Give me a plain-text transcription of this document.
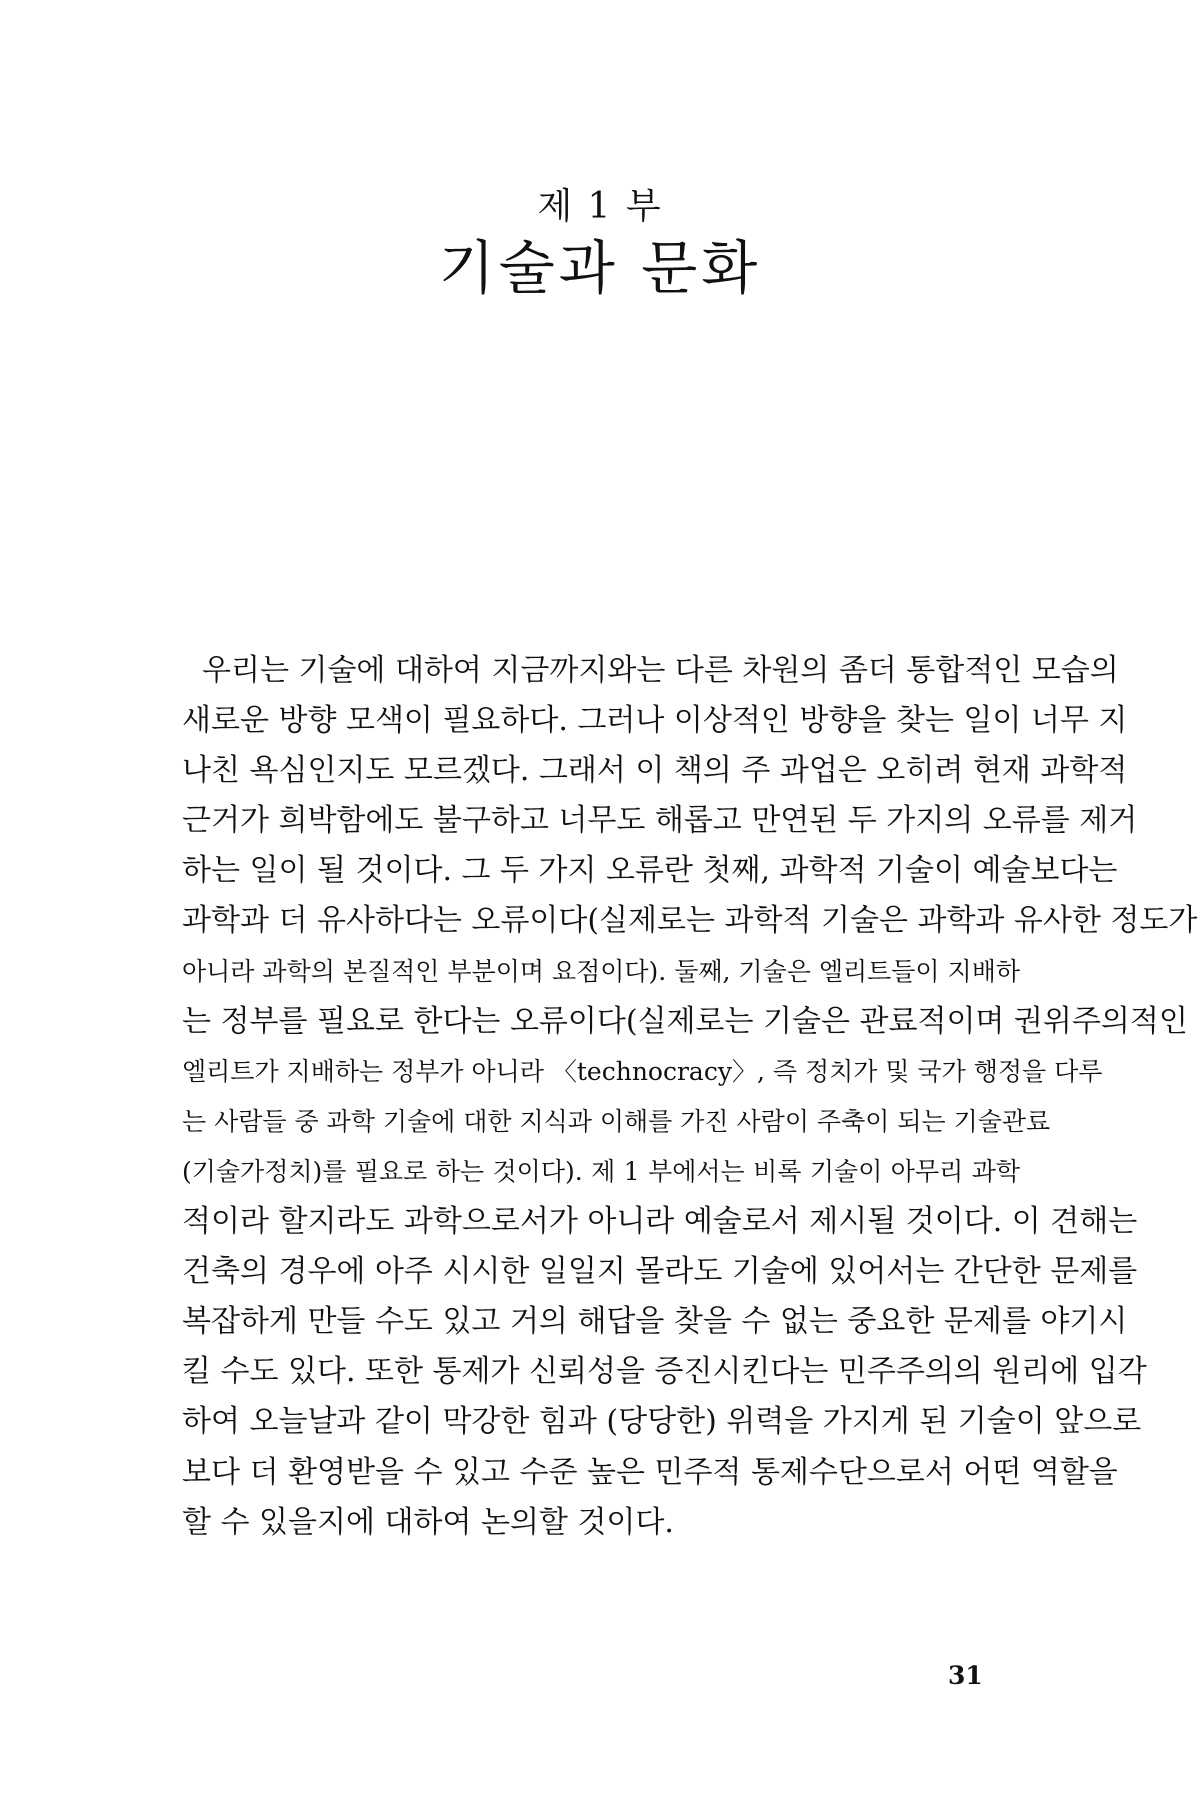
제 1 부
기술과 문화
우리는 기술에 대하여 지금까지와는 다른 차원의 좀더 통합적인 모습의
새로운 방향 모색이 필요하다. 그러나 이상적인 방향을 찾는 일이 너무 지
나친 욕심인지도 모르겠다. 그래서 이 책의 주 과업은 오히려 현재 과학적
근거가 희박함에도 불구하고 너무도 해롭고 만연된 두 가지의 오류를 제거
하는 일이 될 것이다. 그 두 가지 오류란 첫째, 과학적 기술이 예술보다는
과학과 더 유사하다는 오류이다(실제로는 과학적 기술은 과학과 유사한 정도가
아니라 과학의 본질적인 부분이며 요점이다). 둘째, 기술은 엘리트들이 지배하
는 정부를 필요로 한다는 오류이다(실제로는 기술은 관료적이며 권위주의적인
엘리트가 지배하는 정부가 아니라 〈technocracy〉, 즉 정치가 및 국가 행정을 다루
는 사람들 중 과학 기술에 대한 지식과 이해를 가진 사람이 주축이 되는 기술관료
(기술가정치)를 필요로 하는 것이다). 제 1 부에서는 비록 기술이 아무리 과학
적이라 할지라도 과학으로서가 아니라 예술로서 제시될 것이다. 이 견해는
건축의 경우에 아주 시시한 일일지 몰라도 기술에 있어서는 간단한 문제를
복잡하게 만들 수도 있고 거의 해답을 찾을 수 없는 중요한 문제를 야기시
킬 수도 있다. 또한 통제가 신뢰성을 증진시킨다는 민주주의의 원리에 입각
하여 오늘날과 같이 막강한 힘과 (당당한) 위력을 가지게 된 기술이 앞으로
보다 더 환영받을 수 있고 수준 높은 민주적 통제수단으로서 어떤 역할을
할 수 있을지에 대하여 논의할 것이다.
31
